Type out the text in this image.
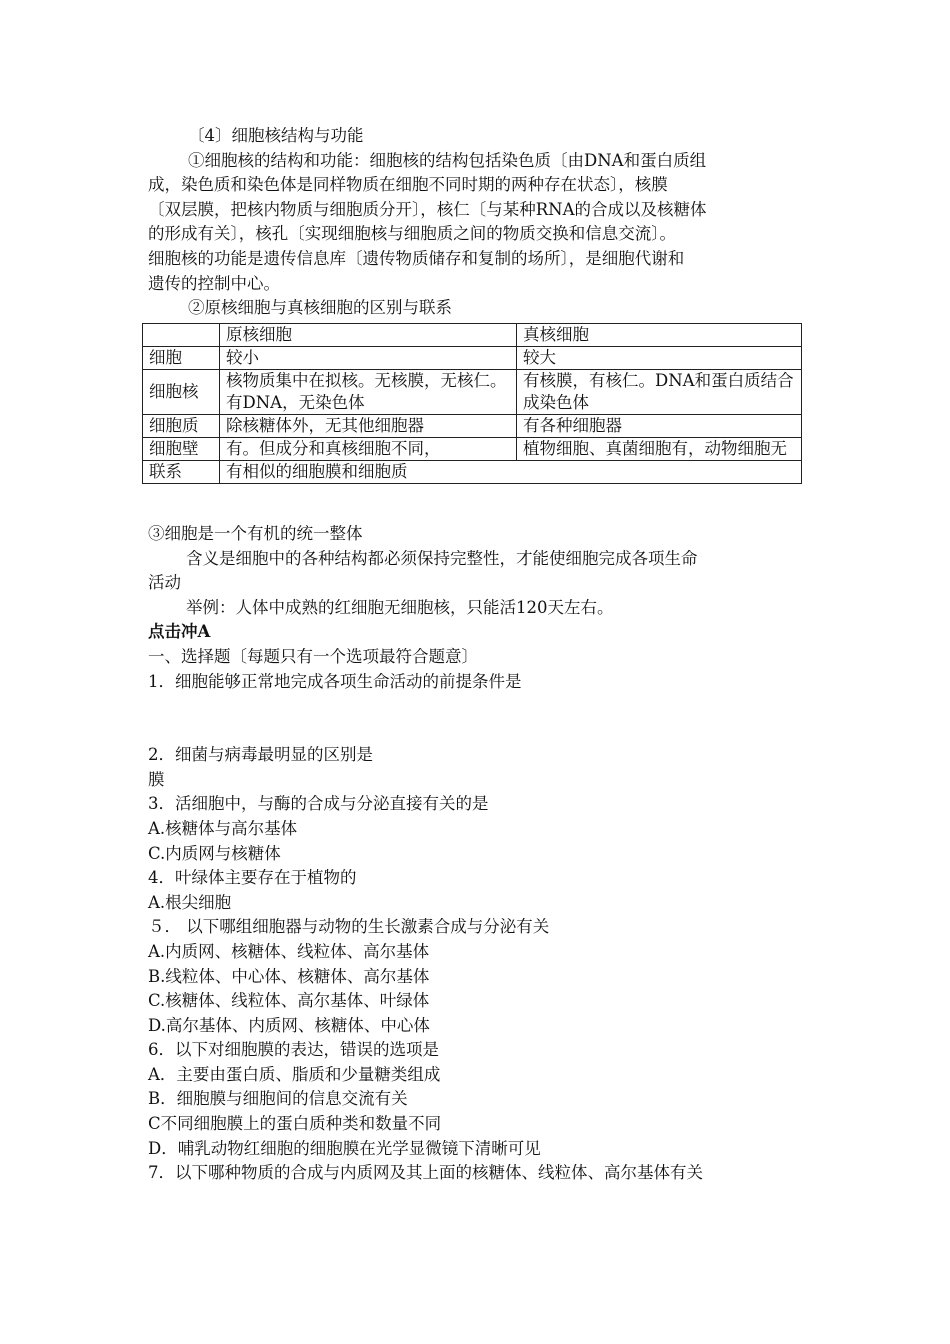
〔4〕细胞核结构与功能
①细胞核的结构和功能：细胞核的结构包括染色质〔由DNA和蛋白质组
成，染色质和染色体是同样物质在细胞不同时期的两种存在状态〕，核膜
〔双层膜，把核内物质与细胞质分开〕，核仁〔与某种RNA的合成以及核糖体
的形成有关〕，核孔〔实现细胞核与细胞质之间的物质交换和信息交流〕。
细胞核的功能是遗传信息库〔遗传物质储存和复制的场所〕，是细胞代谢和
遗传的控制中心。
②原核细胞与真核细胞的区别与联系
	原核细胞	真核细胞
细胞	较小	较大
细胞核	核物质集中在拟核。无核膜，无核仁。有DNA，无染色体	有核膜，有核仁。DNA和蛋白质结合成染色体
细胞质	除核糖体外，无其他细胞器	有各种细胞器
细胞壁	有。但成分和真核细胞不同，	植物细胞、真菌细胞有，动物细胞无
联系	有相似的细胞膜和细胞质	
③细胞是一个有机的统一整体
含义是细胞中的各种结构都必须保持完整性，才能使细胞完成各项生命
活动
举例：人体中成熟的红细胞无细胞核，只能活120天左右。
点击冲A
一、选择题〔每题只有一个选项最符合题意〕
1．细胞能够正常地完成各项生命活动的前提条件是
2．细菌与病毒最明显的区别是
膜
3．活细胞中，与酶的合成与分泌直接有关的是
A.核糖体与高尔基体
C.内质网与核糖体
4．叶绿体主要存在于植物的
A.根尖细胞
５． 以下哪组细胞器与动物的生长激素合成与分泌有关
A.内质网、核糖体、线粒体、高尔基体
B.线粒体、中心体、核糖体、高尔基体
C.核糖体、线粒体、高尔基体、叶绿体
D.高尔基体、内质网、核糖体、中心体
6．以下对细胞膜的表达，错误的选项是
A．主要由蛋白质、脂质和少量糖类组成
B．细胞膜与细胞间的信息交流有关
C不同细胞膜上的蛋白质种类和数量不同
D．哺乳动物红细胞的细胞膜在光学显微镜下清晰可见
7．以下哪种物质的合成与内质网及其上面的核糖体、线粒体、高尔基体有关
